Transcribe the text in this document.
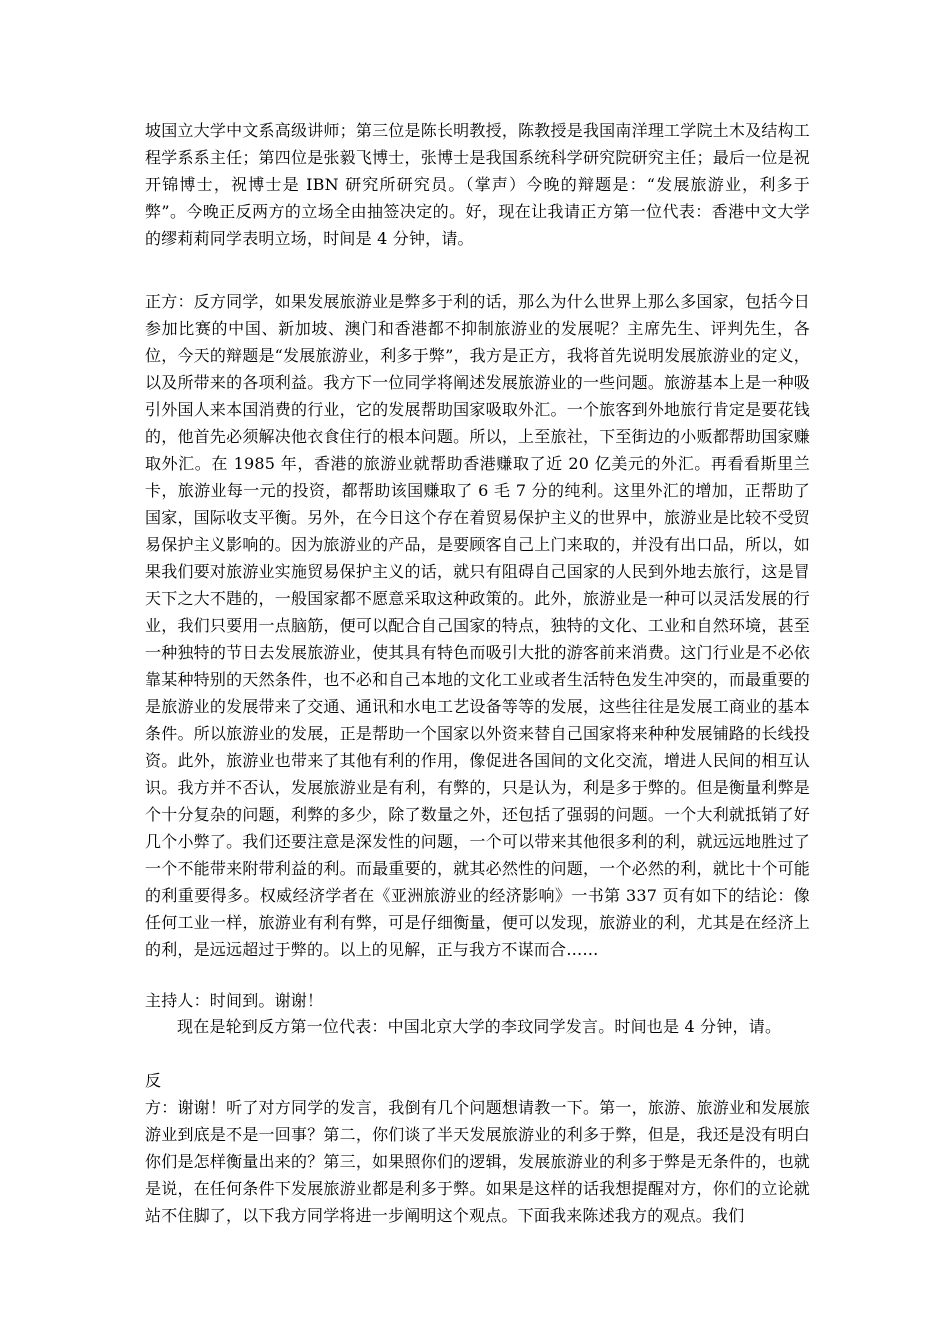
坡国立大学中文系高级讲师；第三位是陈长明教授，陈教授是我国南洋理工学院土木及结构工程学系系主任；第四位是张毅飞博士，张博士是我国系统科学研究院研究主任；最后一位是祝开锦博士，祝博士是 IBN 研究所研究员。（掌声）今晚的辩题是：“发展旅游业，利多于弊”。今晚正反两方的立场全由抽签决定的。好，现在让我请正方第一位代表：香港中文大学的缪莉莉同学表明立场，时间是 4 分钟，请。

正方：反方同学，如果发展旅游业是弊多于利的话，那么为什么世界上那么多国家，包括今日参加比赛的中国、新加坡、澳门和香港都不抑制旅游业的发展呢？主席先生、评判先生，各位，今天的辩题是“发展旅游业，利多于弊”，我方是正方，我将首先说明发展旅游业的定义，以及所带来的各项利益。我方下一位同学将阐述发展旅游业的一些问题。旅游基本上是一种吸引外国人来本国消费的行业，它的发展帮助国家吸取外汇。一个旅客到外地旅行肯定是要花钱的，他首先必须解决他衣食住行的根本问题。所以，上至旅社，下至街边的小贩都帮助国家赚取外汇。在 1985 年，香港的旅游业就帮助香港赚取了近 20 亿美元的外汇。再看看斯里兰卡，旅游业每一元的投资，都帮助该国赚取了 6 毛 7 分的纯利。这里外汇的增加，正帮助了国家，国际收支平衡。另外，在今日这个存在着贸易保护主义的世界中，旅游业是比较不受贸易保护主义影响的。因为旅游业的产品，是要顾客自己上门来取的，并没有出口品，所以，如果我们要对旅游业实施贸易保护主义的话，就只有阻碍自己国家的人民到外地去旅行，这是冒天下之大不韪的，一般国家都不愿意采取这种政策的。此外，旅游业是一种可以灵活发展的行业，我们只要用一点脑筋，便可以配合自己国家的特点，独特的文化、工业和自然环境，甚至一种独特的节日去发展旅游业，使其具有特色而吸引大批的游客前来消费。这门行业是不必依靠某种特别的天然条件，也不必和自己本地的文化工业或者生活特色发生冲突的，而最重要的是旅游业的发展带来了交通、通讯和水电工艺设备等等的发展，这些往往是发展工商业的基本条件。所以旅游业的发展，正是帮助一个国家以外资来替自己国家将来种种发展铺路的长线投资。此外，旅游业也带来了其他有利的作用，像促进各国间的文化交流，增进人民间的相互认识。我方并不否认，发展旅游业是有利，有弊的，只是认为，利是多于弊的。但是衡量利弊是个十分复杂的问题，利弊的多少，除了数量之外，还包括了强弱的问题。一个大利就抵销了好几个小弊了。我们还要注意是深发性的问题，一个可以带来其他很多利的利，就远远地胜过了一个不能带来附带利益的利。而最重要的，就其必然性的问题，一个必然的利，就比十个可能的利重要得多。权威经济学者在《亚洲旅游业的经济影响》一书第 337 页有如下的结论：像任何工业一样，旅游业有利有弊，可是仔细衡量，便可以发现，旅游业的利，尤其是在经济上的利，是远远超过于弊的。以上的见解，正与我方不谋而合……

主持人：时间到。谢谢！

现在是轮到反方第一位代表：中国北京大学的李玟同学发言。时间也是 4 分钟，请。

反

方：谢谢！听了对方同学的发言，我倒有几个问题想请教一下。第一，旅游、旅游业和发展旅游业到底是不是一回事？第二，你们谈了半天发展旅游业的利多于弊，但是，我还是没有明白你们是怎样衡量出来的？第三，如果照你们的逻辑，发展旅游业的利多于弊是无条件的，也就是说，在任何条件下发展旅游业都是利多于弊。如果是这样的话我想提醒对方，你们的立论就站不住脚了，以下我方同学将进一步阐明这个观点。下面我来陈述我方的观点。我们
